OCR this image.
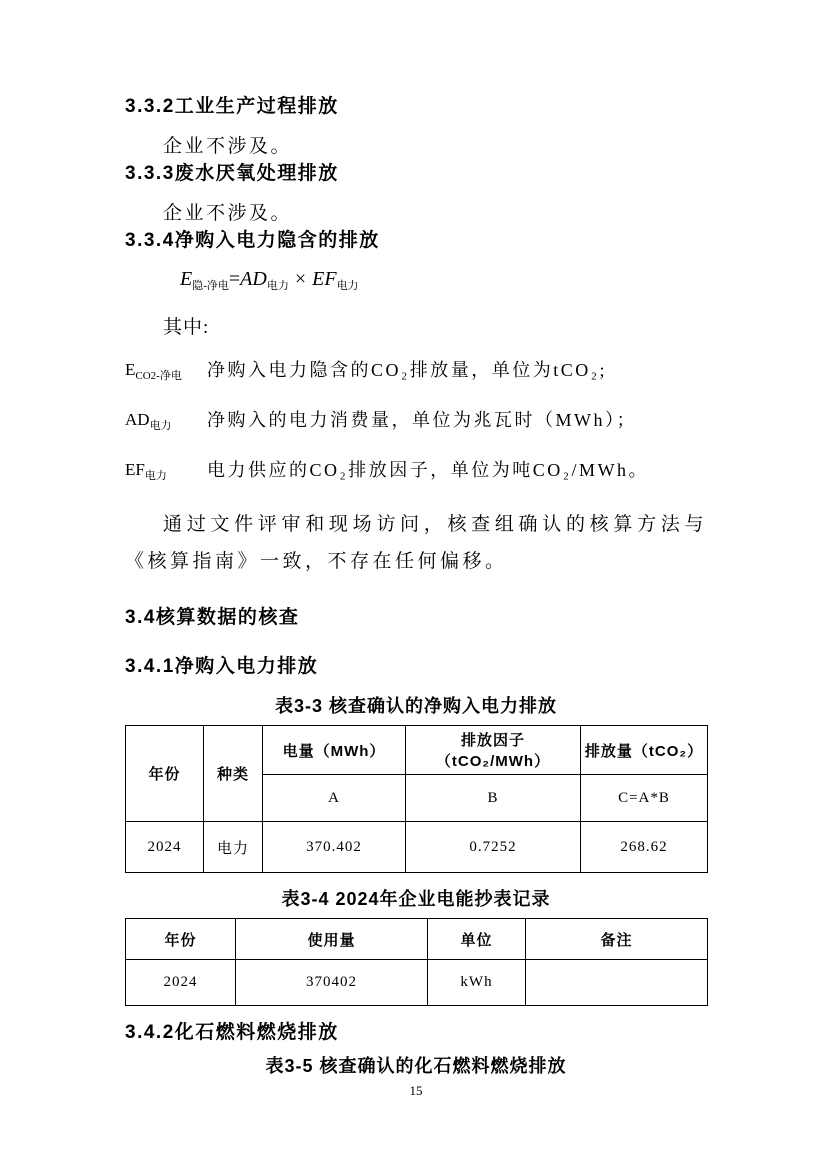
3.3.2工业生产过程排放

企业不涉及。

3.3.3废水厌氧处理排放

企业不涉及。

3.3.4净购入电力隐含的排放
$E_{隐-净电}=AD_{电力} \times EF_{电力}$

其中:

$E_{CO2-净电}$	净购入电力隐含的CO₂排放量，单位为tCO₂;
$AD_{电力}$	净购入的电力消费量，单位为兆瓦时（MWh）；
$EF_{电力}$	电力供应的CO₂排放因子，单位为吨CO₂/MWh。

通过文件评审和现场访问，核查组确认的核算方法与《核算指南》一致，不存在任何偏移。

3.4核算数据的核查
3.4.1净购入电力排放
表3-3 核查确认的净购入电力排放
年份	种类	电量（MWh）	排放因子（tCO₂/MWh）	排放量（tCO₂）
		A	B	C=A*B
2024	电力	370.402	0.7252	268.62
表3-4 2024年企业电能抄表记录
年份	使用量	单位	备注
2024	370402	kWh	
3.4.2化石燃料燃烧排放
表3-5 核查确认的化石燃料燃烧排放
15
